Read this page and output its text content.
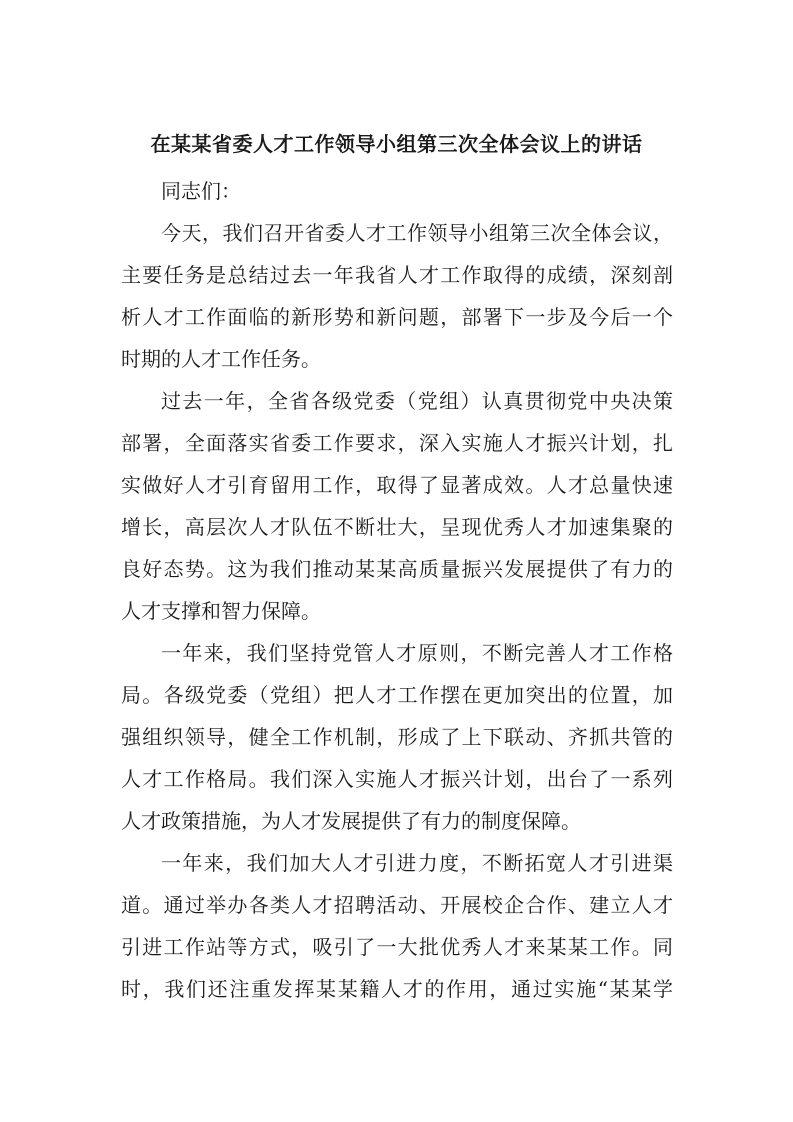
在某某省委人才工作领导小组第三次全体会议上的讲话
同志们：
今天，我们召开省委人才工作领导小组第三次全体会议，
主要任务是总结过去一年我省人才工作取得的成绩，深刻剖
析人才工作面临的新形势和新问题，部署下一步及今后一个
时期的人才工作任务。
过去一年，全省各级党委（党组）认真贯彻党中央决策
部署，全面落实省委工作要求，深入实施人才振兴计划，扎
实做好人才引育留用工作，取得了显著成效。人才总量快速
增长，高层次人才队伍不断壮大，呈现优秀人才加速集聚的
良好态势。这为我们推动某某高质量振兴发展提供了有力的
人才支撑和智力保障。
一年来，我们坚持党管人才原则，不断完善人才工作格
局。各级党委（党组）把人才工作摆在更加突出的位置，加
强组织领导，健全工作机制，形成了上下联动、齐抓共管的
人才工作格局。我们深入实施人才振兴计划，出台了一系列
人才政策措施，为人才发展提供了有力的制度保障。
一年来，我们加大人才引进力度，不断拓宽人才引进渠
道。通过举办各类人才招聘活动、开展校企合作、建立人才
引进工作站等方式，吸引了一大批优秀人才来某某工作。同
时，我们还注重发挥某某籍人才的作用，通过实施“某某学
